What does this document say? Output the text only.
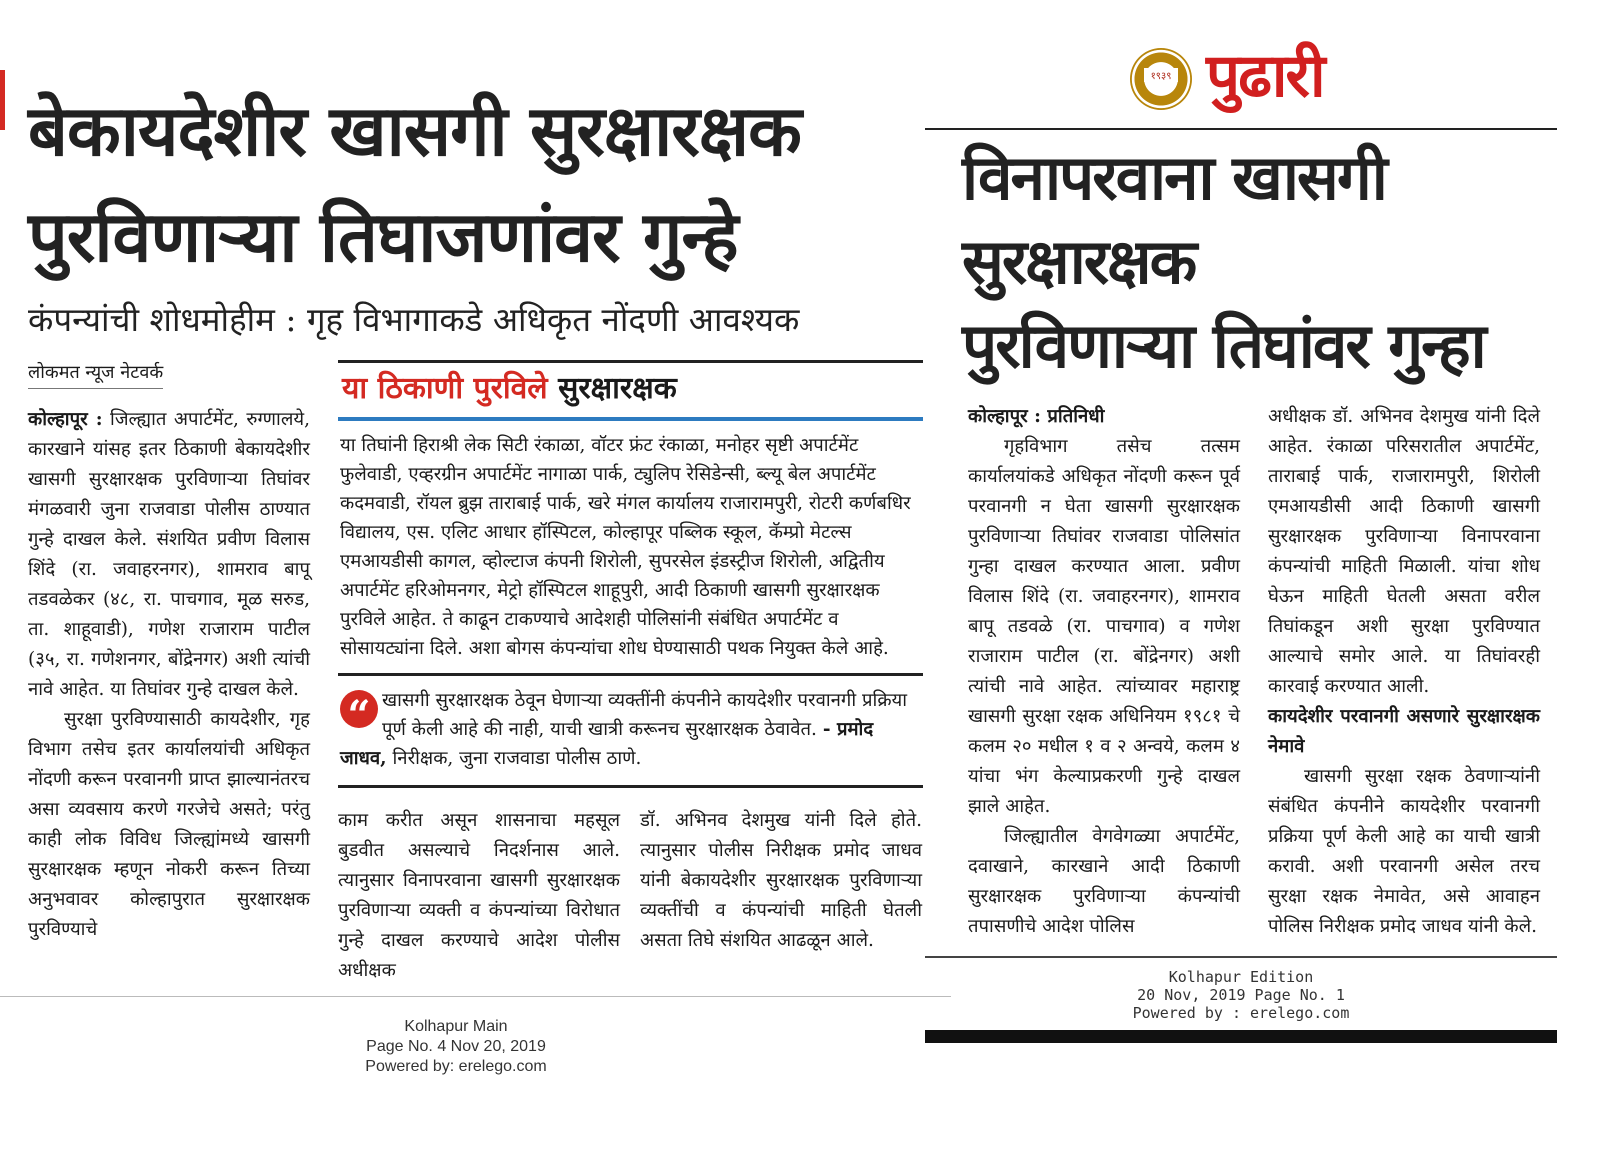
बेकायदेशीर खासगी सुरक्षारक्षक
पुरविणाऱ्या तिघाजणांवर गुन्हे
कंपन्यांची शोधमोहीम : गृह विभागाकडे अधिकृत नोंदणी आवश्यक
लोकमत न्यूज नेटवर्क

कोल्हापूर : जिल्ह्यात अपार्टमेंट, रुग्णालये, कारखाने यांसह इतर ठिकाणी बेकायदेशीर खासगी सुरक्षारक्षक पुरविणाऱ्या तिघांवर मंगळवारी जुना राजवाडा पोलीस ठाण्यात गुन्हे दाखल केले. संशयित प्रवीण विलास शिंदे (रा. जवाहरनगर), शामराव बापू तडवळेकर (४८, रा. पाचगाव, मूळ सरुड, ता. शाहूवाडी), गणेश राजाराम पाटील (३५, रा. गणेशनगर, बोंद्रेनगर) अशी त्यांची नावे आहेत. या तिघांवर गुन्हे दाखल केले.

सुरक्षा पुरविण्यासाठी कायदेशीर, गृह विभाग तसेच इतर कार्यालयांची अधिकृत नोंदणी करून परवानगी प्राप्त झाल्यानंतरच असा व्यवसाय करणे गरजेचे असते; परंतु काही लोक विविध जिल्ह्यांमध्ये खासगी सुरक्षारक्षक म्हणून नोकरी करून तिच्या अनुभवावर कोल्हापुरात सुरक्षारक्षक पुरविण्याचे

या ठिकाणी पुरविले सुरक्षारक्षक
या तिघांनी हिराश्री लेक सिटी रंकाळा, वॉटर फ्रंट रंकाळा, मनोहर सृष्टी अपार्टमेंट फुलेवाडी, एव्हरग्रीन अपार्टमेंट नागाळा पार्क, ट्युलिप रेसिडेन्सी, ब्ल्यू बेल अपार्टमेंट कदमवाडी, रॉयल ब्रुझ ताराबाई पार्क, खरे मंगल कार्यालय राजारामपुरी, रोटरी कर्णबधिर विद्यालय, एस. एलिट आधार हॉस्पिटल, कोल्हापूर पब्लिक स्कूल, कॅम्प्रो मेटल्स एमआयडीसी कागल, व्होल्टाज कंपनी शिरोली, सुपरसेल इंडस्ट्रीज शिरोली, अद्वितीय अपार्टमेंट हरिओमनगर, मेट्रो हॉस्पिटल शाहूपुरी, आदी ठिकाणी खासगी सुरक्षारक्षक पुरविले आहेत. ते काढून टाकण्याचे आदेशही पोलिसांनी संबंधित अपार्टमेंट व सोसायट्यांना दिले. अशा बोगस कंपन्यांचा शोध घेण्यासाठी पथक नियुक्त केले आहे.
“ खासगी सुरक्षारक्षक ठेवून घेणाऱ्या व्यक्तींनी कंपनीने कायदेशीर परवानगी प्रक्रिया पूर्ण केली आहे की नाही, याची खात्री करूनच सुरक्षारक्षक ठेवावेत. - प्रमोद जाधव, निरीक्षक, जुना राजवाडा पोलीस ठाणे.

काम करीत असून शासनाचा महसूल बुडवीत असल्याचे निदर्शनास आले. त्यानुसार विनापरवाना खासगी सुरक्षारक्षक पुरविणाऱ्या व्यक्ती व कंपन्यांच्या विरोधात गुन्हे दाखल करण्याचे आदेश पोलीस अधीक्षक

डॉ. अभिनव देशमुख यांनी दिले होते. त्यानुसार पोलीस निरीक्षक प्रमोद जाधव यांनी बेकायदेशीर सुरक्षारक्षक पुरविणाऱ्या व्यक्तींची व कंपन्यांची माहिती घेतली असता तिघे संशयित आढळून आले.

Kolhapur Main
Page No. 4 Nov 20, 2019
Powered by: erelego.com
१९३९ पुढारी
विनापरवाना खासगी सुरक्षारक्षक
पुरविणाऱ्या तिघांवर गुन्हा

कोल्हापूर : प्रतिनिधी

गृहविभाग तसेच तत्सम कार्यालयांकडे अधिकृत नोंदणी करून पूर्व परवानगी न घेता खासगी सुरक्षारक्षक पुरविणाऱ्या तिघांवर राजवाडा पोलिसांत गुन्हा दाखल करण्यात आला. प्रवीण विलास शिंदे (रा. जवाहरनगर), शामराव बापू तडवळे (रा. पाचगाव) व गणेश राजाराम पाटील (रा. बोंद्रेनगर) अशी त्यांची नावे आहेत. त्यांच्यावर महाराष्ट्र खासगी सुरक्षा रक्षक अधिनियम १९८१ चे कलम २० मधील १ व २ अन्वये, कलम ४ यांचा भंग केल्याप्रकरणी गुन्हे दाखल झाले आहेत.

जिल्ह्यातील वेगवेगळ्या अपार्टमेंट, दवाखाने, कारखाने आदी ठिकाणी सुरक्षारक्षक पुरविणाऱ्या कंपन्यांची तपासणीचे आदेश पोलिस

अधीक्षक डॉ. अभिनव देशमुख यांनी दिले आहेत. रंकाळा परिसरातील अपार्टमेंट, ताराबाई पार्क, राजारामपुरी, शिरोली एमआयडीसी आदी ठिकाणी खासगी सुरक्षारक्षक पुरविणाऱ्या विनापरवाना कंपन्यांची माहिती मिळाली. यांचा शोध घेऊन माहिती घेतली असता वरील तिघांकडून अशी सुरक्षा पुरविण्यात आल्याचे समोर आले. या तिघांवरही कारवाई करण्यात आली.

कायदेशीर परवानगी असणारे सुरक्षारक्षक नेमावे

खासगी सुरक्षा रक्षक ठेवणाऱ्यांनी संबंधित कंपनीने कायदेशीर परवानगी प्रक्रिया पूर्ण केली आहे का याची खात्री करावी. अशी परवानगी असेल तरच सुरक्षा रक्षक नेमावेत, असे आवाहन पोलिस निरीक्षक प्रमोद जाधव यांनी केले.

Kolhapur Edition
20 Nov, 2019 Page No. 1
Powered by : erelego.com
